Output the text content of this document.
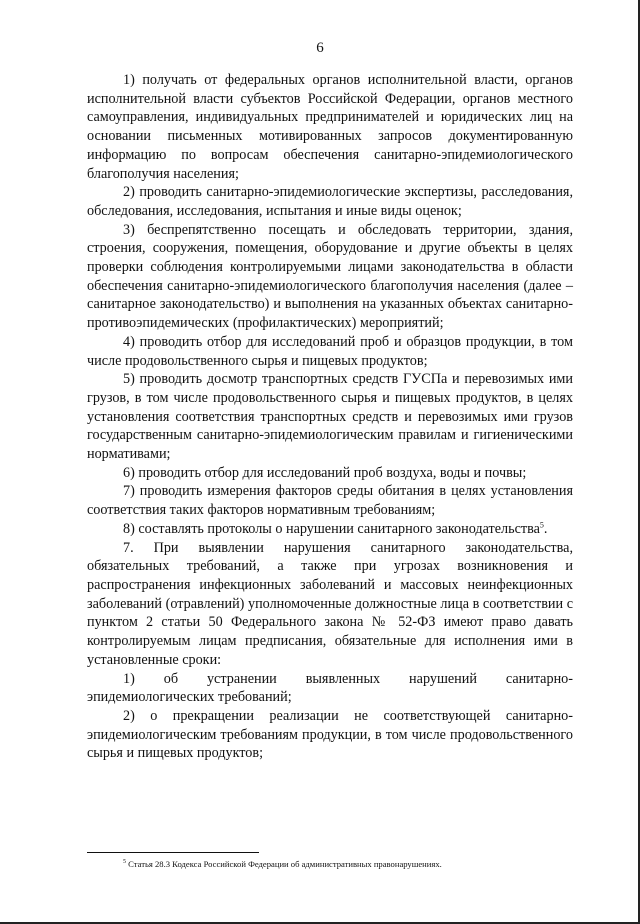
6

1) получать от федеральных органов исполнительной власти, органов исполнительной власти субъектов Российской Федерации, органов местного самоуправления, индивидуальных предпринимателей и юридических лиц на основании письменных мотивированных запросов документированную информацию по вопросам обеспечения санитарно-эпидемиологического благополучия населения;

2) проводить санитарно-эпидемиологические экспертизы, расследования, обследования, исследования, испытания и иные виды оценок;

3) беспрепятственно посещать и обследовать территории, здания, строения, сооружения, помещения, оборудование и другие объекты в целях проверки соблюдения контролируемыми лицами законодательства в области обеспечения санитарно-эпидемиологического благополучия населения (далее – санитарное законодательство) и выполнения на указанных объектах санитарно-противоэпидемических (профилактических) мероприятий;

4) проводить отбор для исследований проб и образцов продукции, в том числе продовольственного сырья и пищевых продуктов;

5) проводить досмотр транспортных средств ГУСПа и перевозимых ими грузов, в том числе продовольственного сырья и пищевых продуктов, в целях установления соответствия транспортных средств и перевозимых ими грузов государственным санитарно-эпидемиологическим правилам и гигиеническими нормативами;

6) проводить отбор для исследований проб воздуха, воды и почвы;

7) проводить измерения факторов среды обитания в целях установления соответствия таких факторов нормативным требованиям;

8) составлять протоколы о нарушении санитарного законодательства$^5$.

7. При выявлении нарушения санитарного законодательства, обязательных требований, а также при угрозах возникновения и распространения инфекционных заболеваний и массовых неинфекционных заболеваний (отравлений) уполномоченные должностные лица в соответствии с пунктом 2 статьи 50 Федерального закона № 52-ФЗ имеют право давать контролируемым лицам предписания, обязательные для исполнения ими в установленные сроки:

1) об устранении выявленных нарушений санитарно-эпидемиологических требований;

2) о прекращении реализации не соответствующей санитарно-эпидемиологическим требованиям продукции, в том числе продовольственного сырья и пищевых продуктов;

$^5$ Статья 28.3 Кодекса Российской Федерации об административных правонарушениях.
